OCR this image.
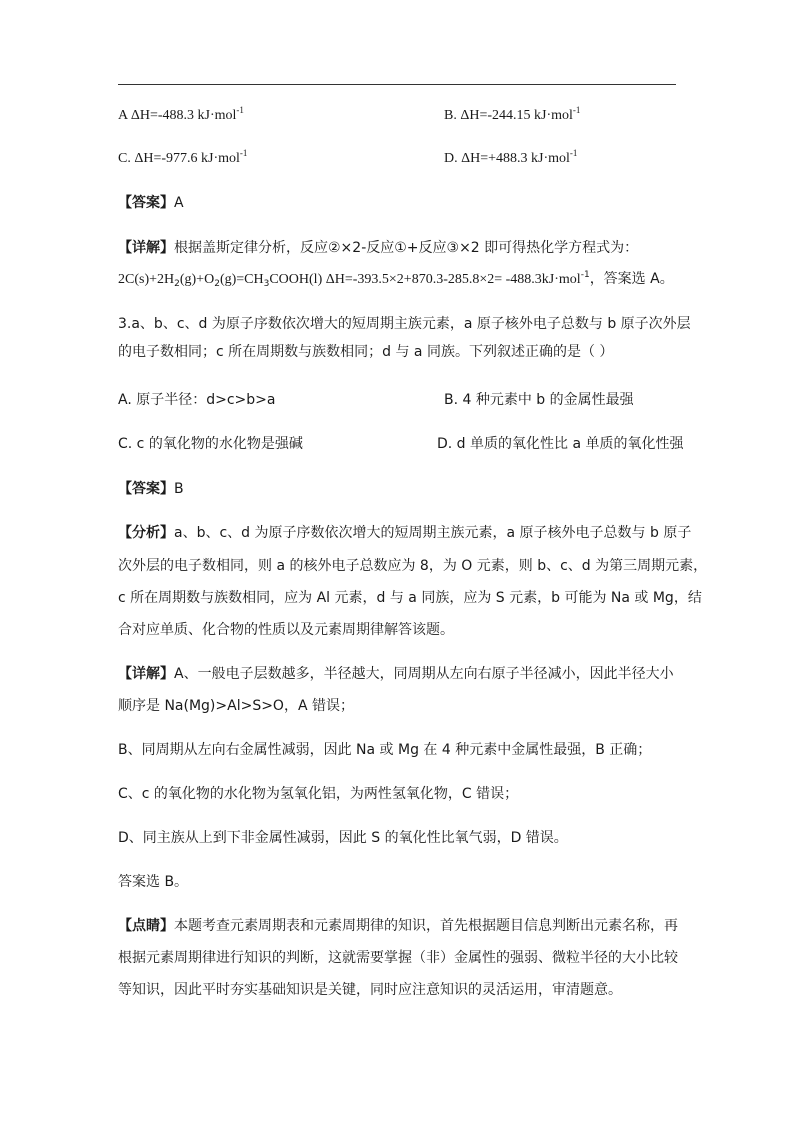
A ΔH=-488.3 kJ·mol$^{-1}$	B. ΔH=-244.15 kJ·mol$^{-1}$
C. ΔH=-977.6 kJ·mol$^{-1}$	D. ΔH=+488.3 kJ·mol$^{-1}$
【答案】A
【详解】根据盖斯定律分析，反应②×2-反应①+反应③×2 即可得热化学方程式为：
$2C(s)+2H_2(g)+O_2(g)=CH_3COOH(l)$ ΔH=-393.5×2+870.3-285.8×2= -488.3kJ·mol$^{-1}$，答案选 A。
3.a、b、c、d 为原子序数依次增大的短周期主族元素，a 原子核外电子总数与 b 原子次外层
的电子数相同；c 所在周期数与族数相同；d 与 a 同族。下列叙述正确的是（ ）
A. 原子半径：d>c>b>a	B. 4 种元素中 b 的金属性最强
C. c 的氧化物的水化物是强碱	D. d 单质的氧化性比 a 单质的氧化性强
【答案】B
【分析】a、b、c、d 为原子序数依次增大的短周期主族元素，a 原子核外电子总数与 b 原子
次外层的电子数相同，则 a 的核外电子总数应为 8，为 O 元素，则 b、c、d 为第三周期元素，
c 所在周期数与族数相同，应为 Al 元素，d 与 a 同族，应为 S 元素，b 可能为 Na 或 Mg，结
合对应单质、化合物的性质以及元素周期律解答该题。
【详解】A、一般电子层数越多，半径越大，同周期从左向右原子半径减小，因此半径大小
顺序是 Na(Mg)>Al>S>O，A 错误；
B、同周期从左向右金属性减弱，因此 Na 或 Mg 在 4 种元素中金属性最强，B 正确；
C、c 的氧化物的水化物为氢氧化铝，为两性氢氧化物，C 错误；
D、同主族从上到下非金属性减弱，因此 S 的氧化性比氧气弱，D 错误。
答案选 B。
【点睛】本题考查元素周期表和元素周期律的知识，首先根据题目信息判断出元素名称，再
根据元素周期律进行知识的判断，这就需要掌握（非）金属性的强弱、微粒半径的大小比较
等知识，因此平时夯实基础知识是关键，同时应注意知识的灵活运用，审清题意。
